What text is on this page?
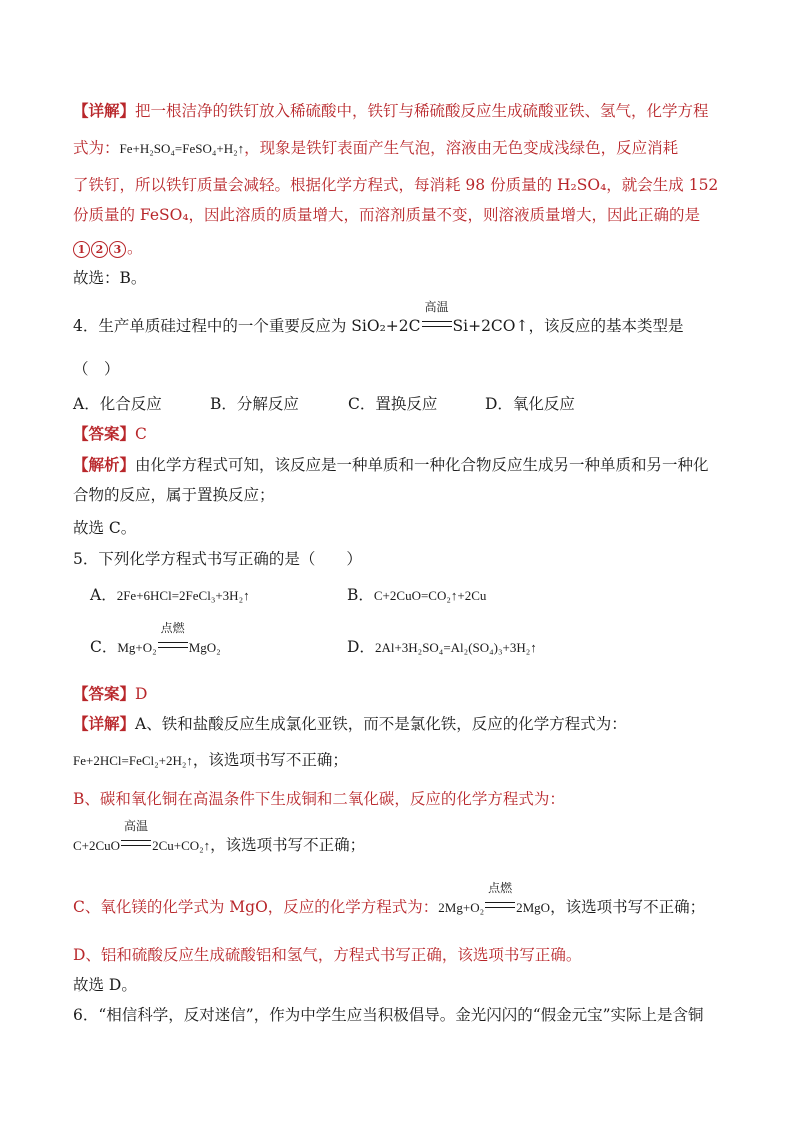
【详解】把一根洁净的铁钉放入稀硫酸中，铁钉与稀硫酸反应生成硫酸亚铁、氢气，化学方程
式为：Fe+H₂SO₄=FeSO₄+H₂↑，现象是铁钉表面产生气泡，溶液由无色变成浅绿色，反应消耗
了铁钉，所以铁钉质量会减轻。根据化学方程式，每消耗 98 份质量的 H₂SO₄，就会生成 152
份质量的 FeSO₄，因此溶质的质量增大，而溶剂质量不变，则溶液质量增大，因此正确的是
1 2 3 。
故选：B。
4．生产单质硅过程中的一个重要反应为 SiO₂+2C
高温
Si+2CO↑，该反应的基本类型是
（　）
A．化合反应	B．分解反应	C．置换反应	D．氧化反应
【答案】C
【解析】由化学方程式可知，该反应是一种单质和一种化合物反应生成另一种单质和另一种化
合物的反应，属于置换反应；
故选 C。
5．下列化学方程式书写正确的是（　　）
A．2Fe+6HCl=2FeCl₃+3H₂↑	B．C+2CuO=CO₂↑+2Cu
C．Mg+O₂
点燃
MgO₂	D．2Al+3H₂SO₄=Al₂(SO₄)₃+3H₂↑
【答案】D
【详解】A、铁和盐酸反应生成氯化亚铁，而不是氯化铁，反应的化学方程式为：
Fe+2HCl=FeCl₂+2H₂↑，该选项书写不正确；
B、碳和氧化铜在高温条件下生成铜和二氧化碳，反应的化学方程式为：
C+2CuO
高温
2Cu+CO₂↑，该选项书写不正确；
C、氧化镁的化学式为 MgO，反应的化学方程式为：2Mg+O₂
点燃
2MgO，该选项书写不正确；
D、铝和硫酸反应生成硫酸铝和氢气，方程式书写正确，该选项书写正确。
故选 D。
6．“相信科学，反对迷信”，作为中学生应当积极倡导。金光闪闪的“假金元宝”实际上是含铜
